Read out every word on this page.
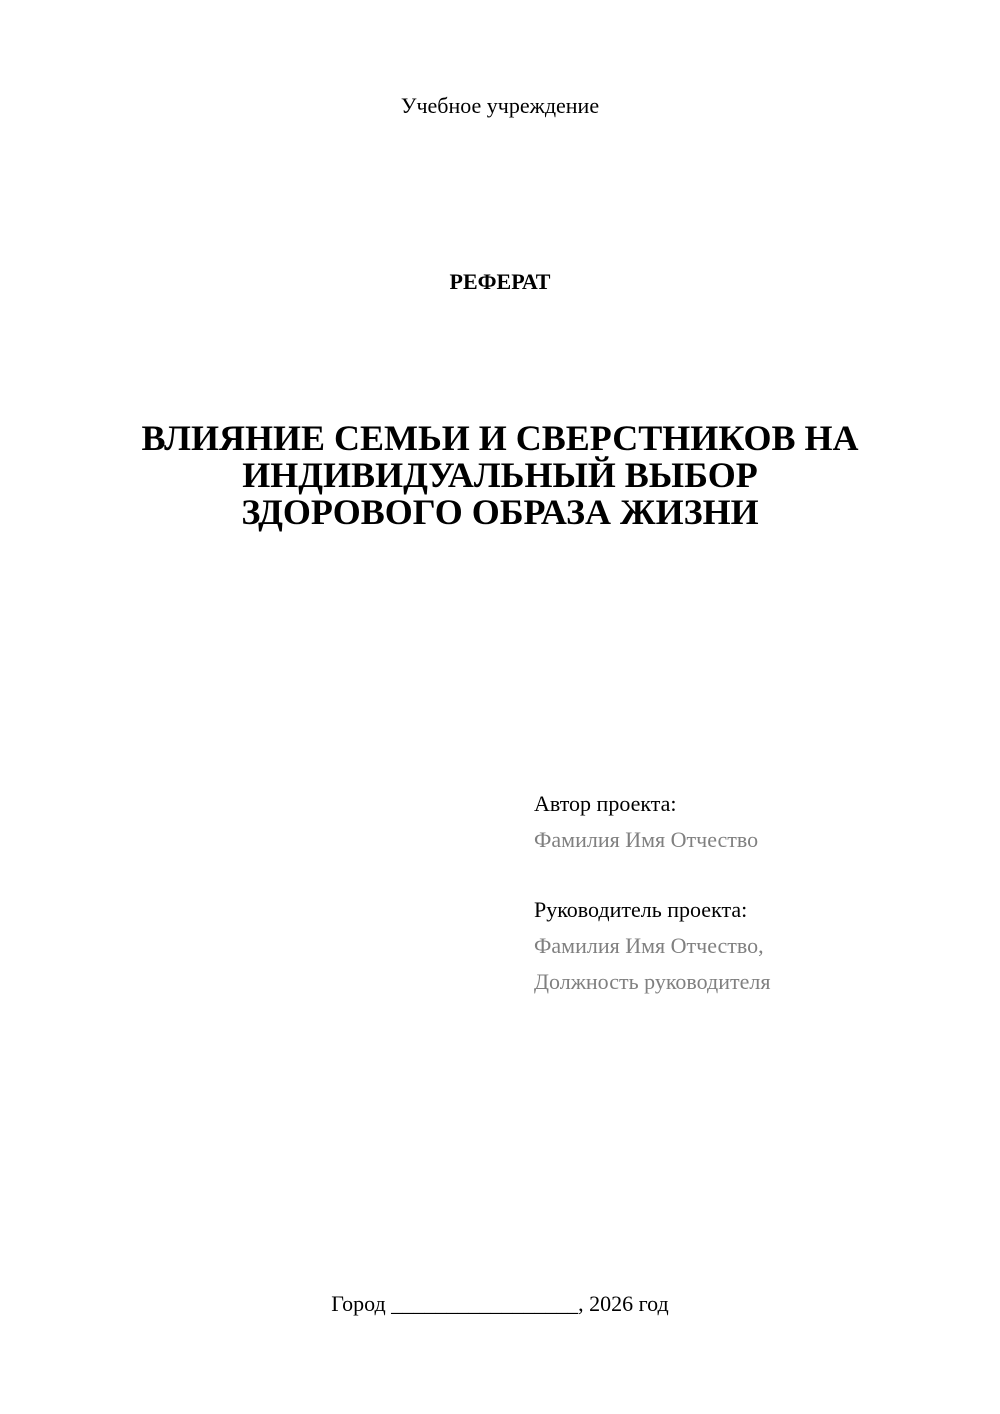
Учебное учреждение
РЕФЕРАТ
ВЛИЯНИЕ СЕМЬИ И СВЕРСТНИКОВ НА
ИНДИВИДУАЛЬНЫЙ ВЫБОР
ЗДОРОВОГО ОБРАЗА ЖИЗНИ
Автор проекта:
Фамилия Имя Отчество
Руководитель проекта:
Фамилия Имя Отчество,
Должность руководителя
Город _________________, 2026 год
